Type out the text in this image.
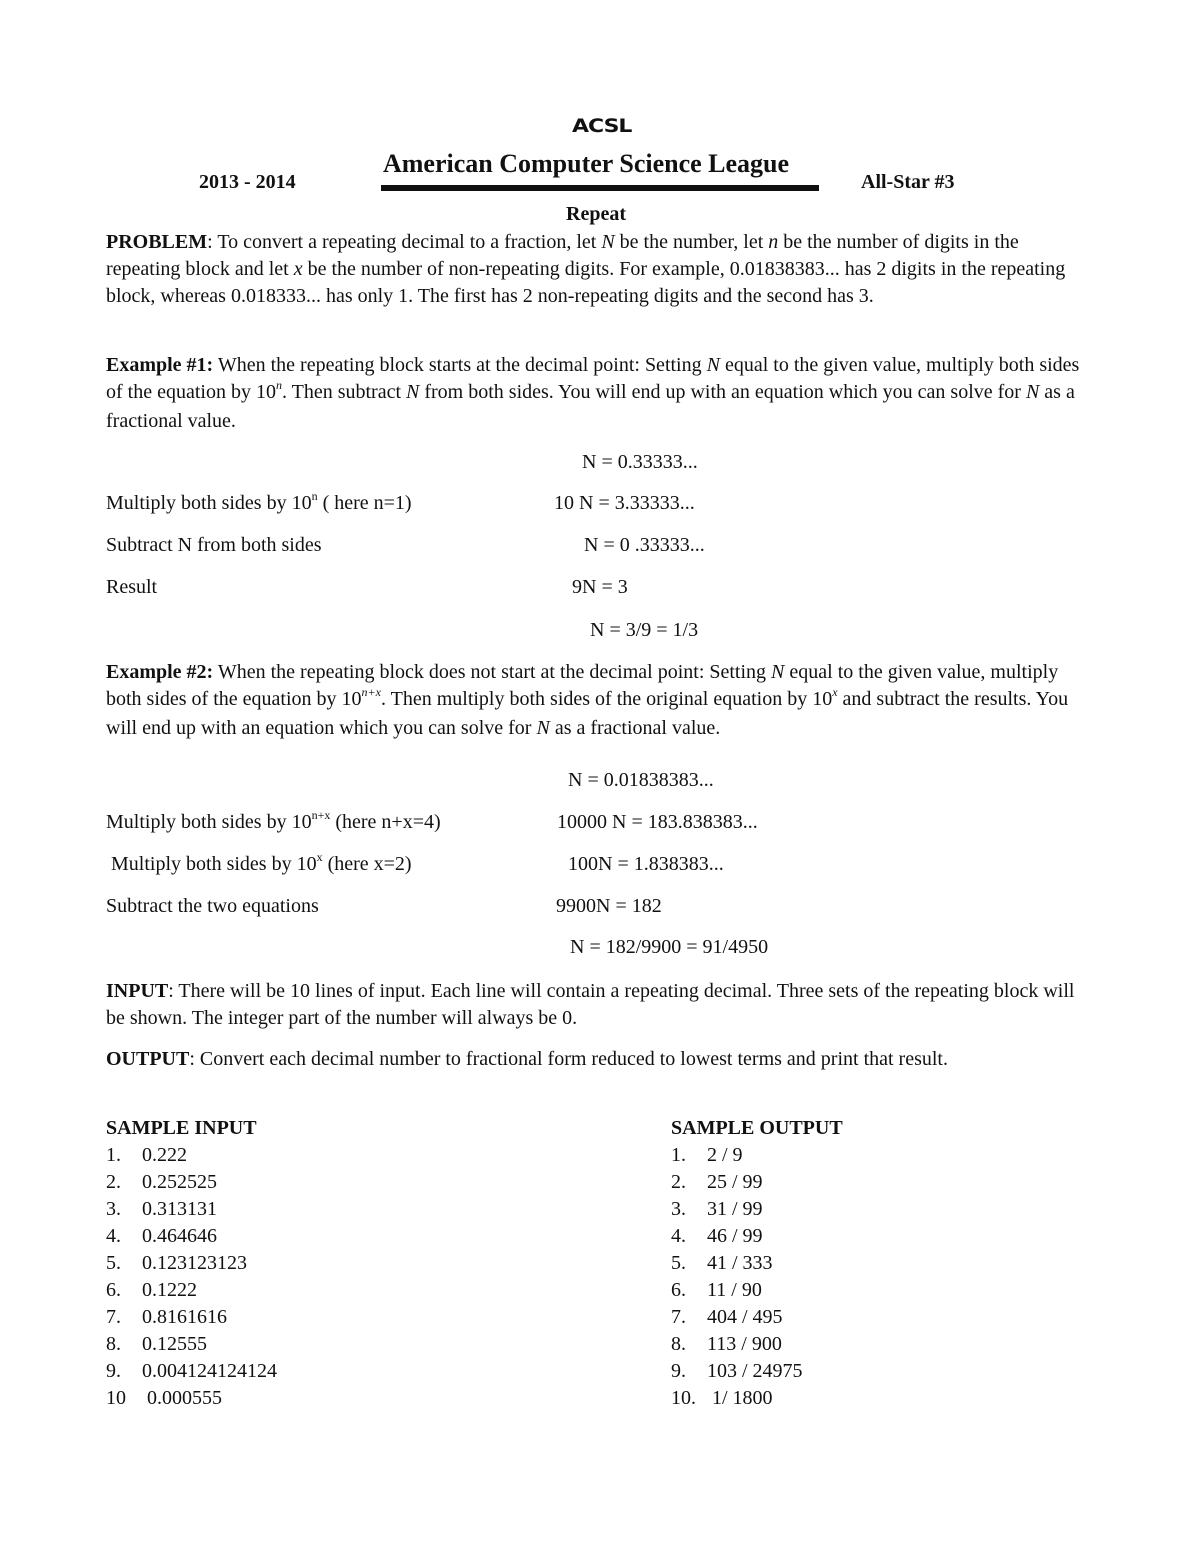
ACSL
American Computer Science League
2013 - 2014	All-Star #3
Repeat
PROBLEM: To convert a repeating decimal to a fraction, let N be the number, let n be the number of digits in the repeating block and let x be the number of non-repeating digits. For example, 0.01838383... has 2 digits in the repeating block, whereas 0.018333... has only 1. The first has 2 non-repeating digits and the second has 3.
Example #1: When the repeating block starts at the decimal point: Setting N equal to the given value, multiply both sides of the equation by 10$^n$. Then subtract N from both sides. You will end up with an equation which you can solve for N as a fractional value.
N = 0.33333...
Multiply both sides by 10$^n$ ( here n=1)	10 N = 3.33333...
Subtract N from both sides	N = 0 .33333...
Result	9N = 3
N = 3/9 = 1/3
Example #2: When the repeating block does not start at the decimal point: Setting N equal to the given value, multiply both sides of the equation by $10^{n+x}$. Then multiply both sides of the original equation by 10$^x$ and subtract the results. You will end up with an equation which you can solve for N as a fractional value.
N = 0.01838383...
Multiply both sides by $10^{n+x}$ (here n+x=4)	10000 N = 183.838383...
Multiply both sides by 10$^x$ (here x=2)	100N = 1.838383...
Subtract the two equations	9900N = 182
N = 182/9900 = 91/4950
INPUT: There will be 10 lines of input. Each line will contain a repeating decimal. Three sets of the repeating block will be shown. The integer part of the number will always be 0.
OUTPUT: Convert each decimal number to fractional form reduced to lowest terms and print that result.
SAMPLE INPUT
1. 0.222
2. 0.252525
3. 0.313131
4. 0.464646
5. 0.123123123
6. 0.1222
7. 0.8161616
8. 0.12555
9. 0.004124124124
10 0.000555
SAMPLE OUTPUT
1. 2 / 9
2. 25 / 99
3. 31 / 99
4. 46 / 99
5. 41 / 333
6. 11 / 90
7. 404 / 495
8. 113 / 900
9. 103 / 24975
10. 1/ 1800
